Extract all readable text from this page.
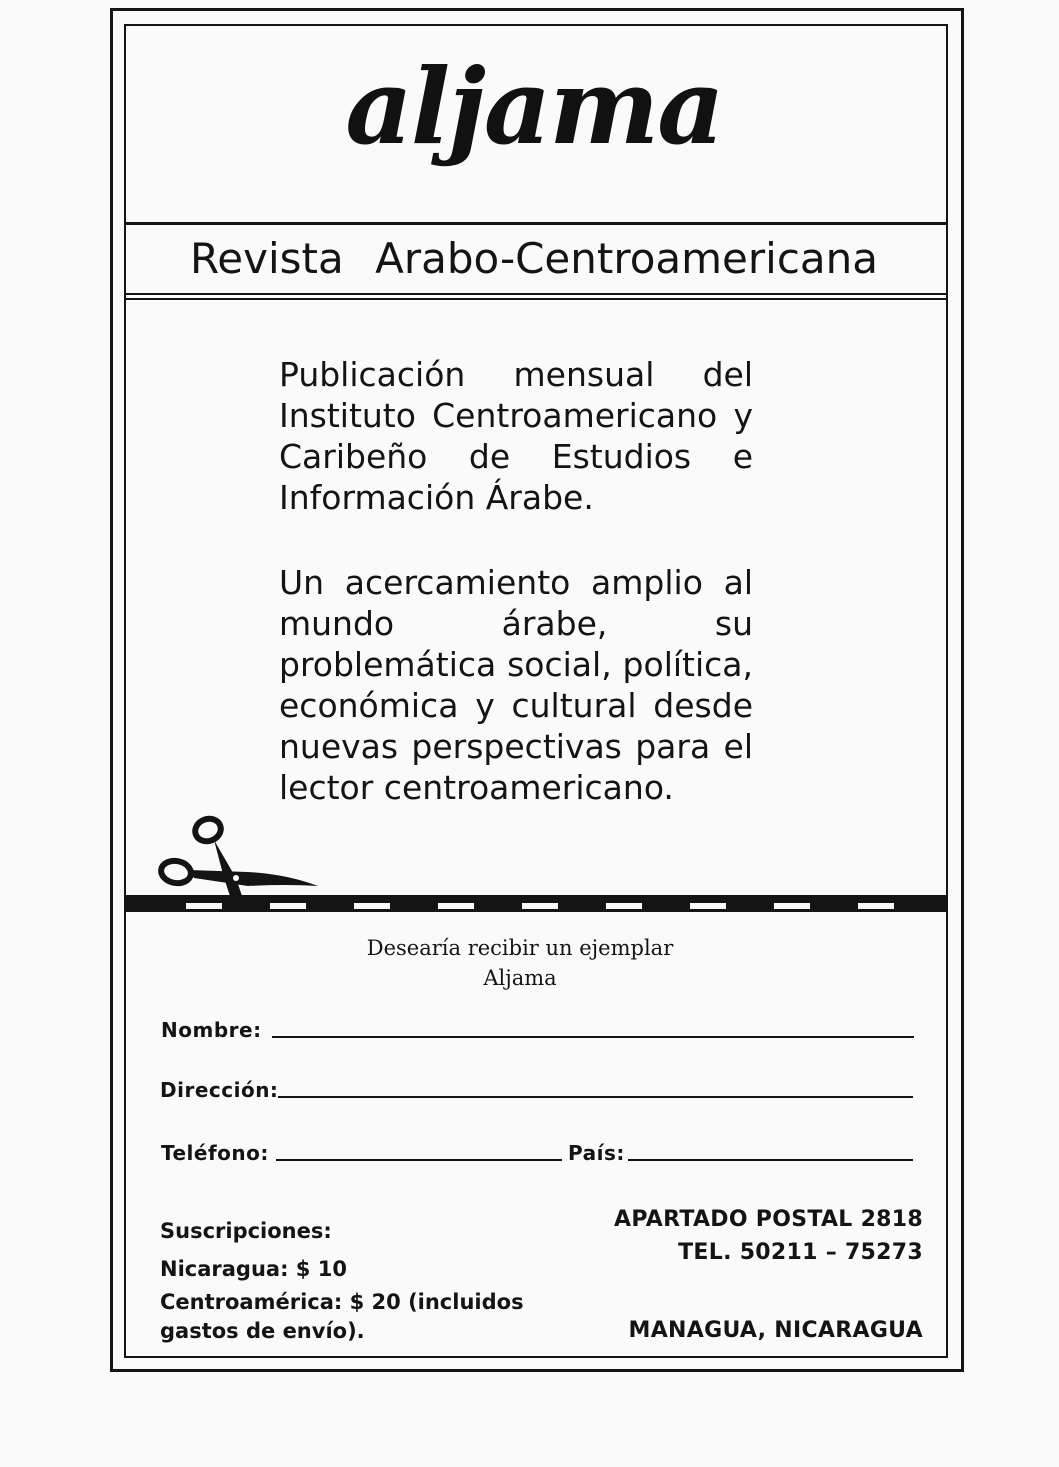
aljama
Revista Arabo-Centroamericana

Publicación mensual del Instituto Centroamericano y Caribeño de Estudios e Información Árabe.

Un acercamiento amplio al mundo árabe, su problemática social, política, económica y cultural desde nuevas perspectivas para el lector centroamericano.

Desearía recibir un ejemplar
Aljama
Nombre:
Dirección:
Teléfono:	País:
Suscripciones:
Nicaragua: $ 10
Centroamérica: $ 20 (incluidos
gastos de envío).
APARTADO POSTAL 2818
TEL. 50211 – 75273
MANAGUA, NICARAGUA
